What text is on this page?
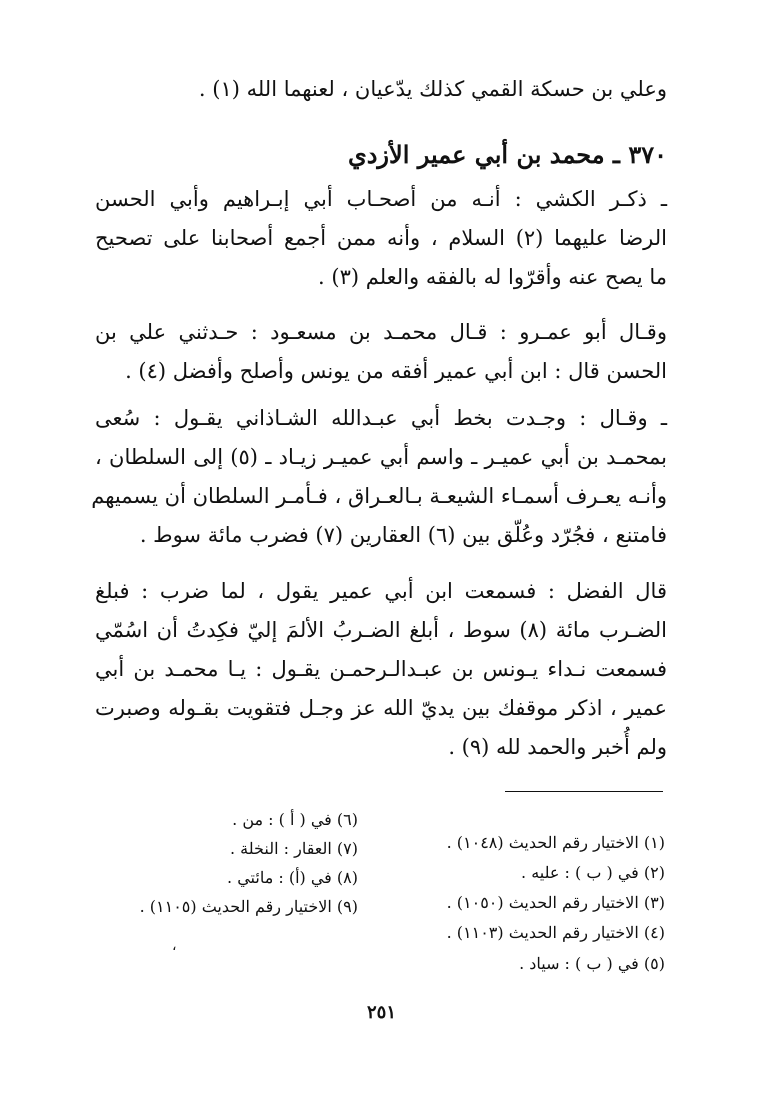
وعلي بن حسكة القمي كذلك يدّعيان ، لعنهما الله (١) .
٣٧٠ ـ محمد بن أبي عمير الأزدي
ـ ذكـر الكشي : أنـه من أصحـاب أبي إبـراهيم وأبي الحسن
الرضا عليهما (٢) السلام ، وأنه ممن أجمع أصحابنا على تصحيح
ما يصح عنه وأقرّوا له بالفقه والعلم (٣) .
وقـال أبو عمـرو : قـال محمـد بن مسعـود : حـدثني علي بن
الحسن قال : ابن أبي عمير أفقه من يونس وأصلح وأفضل (٤) .
ـ وقـال : وجـدت بخط أبي عبـدالله الشـاذاني يقـول : سُعى
بمحمـد بن أبي عميـر ـ واسم أبي عميـر زيـاد ـ (٥) إلى السلطان ،
وأنـه يعـرف أسمـاء الشيعـة بـالعـراق ، فـأمـر السلطان أن يسميهم
فامتنع ، فجُرّد وعُلّق بين (٦) العقارين (٧) فضرب مائة سوط .
قال الفضل : فسمعت ابن أبي عمير يقول ، لما ضرب : فبلغ
الضـرب مائة (٨) سوط ، أبلغ الضـربُ الألمَ إليّ فكِدتُ أن اسُمّي
فسمعت نـداء يـونس بن عبـدالـرحمـن يقـول : يـا محمـد بن أبي
عمير ، اذكر موقفك بين يديّ الله عز وجـل فتقويت بقـوله وصبرت
ولم أُخبر والحمد لله (٩) .
(١) الاختيار رقم الحديث (١٠٤٨) .
(٢) في ( ب ) : عليه .
(٣) الاختيار رقم الحديث (١٠٥٠) .
(٤) الاختيار رقم الحديث (١١٠٣) .
(٥) في ( ب ) : سياد .
(٦) في ( أ ) : من .
(٧) العقار : النخلة .
(٨) في (أ) : مائتي .
(٩) الاختيار رقم الحديث (١١٠٥) .
،
٢٥١
